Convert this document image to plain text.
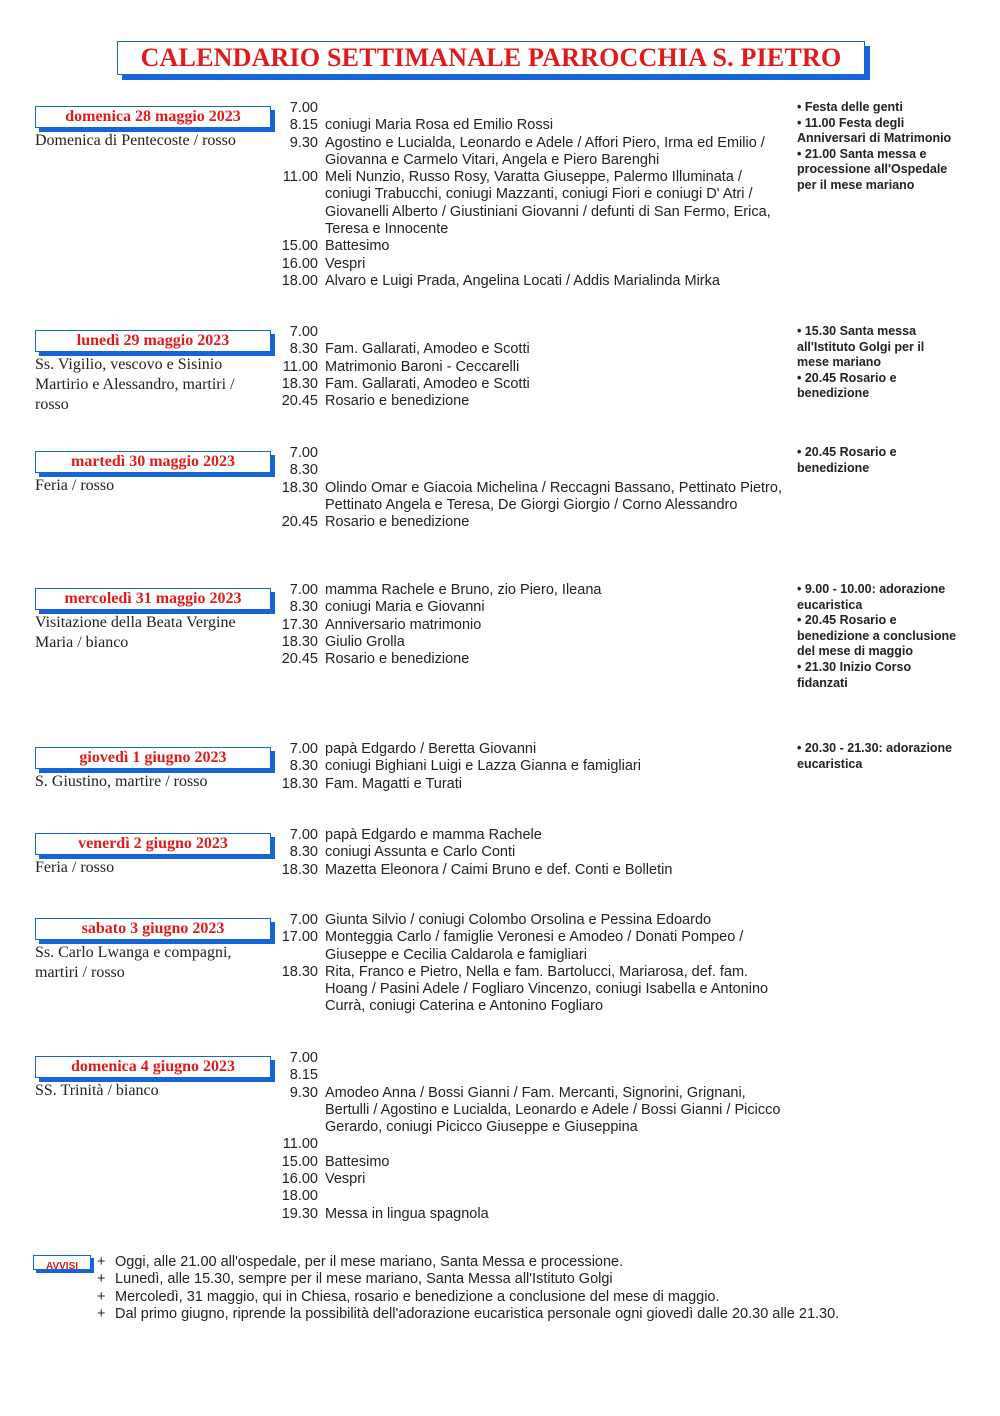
CALENDARIO SETTIMANALE PARROCCHIA S. PIETRO
domenica 28 maggio 2023
Domenica di Pentecoste / rosso
7.00
8.15 coniugi Maria Rosa ed Emilio Rossi
9.30 Agostino e Lucialda, Leonardo e Adele / Affori Piero, Irma ed Emilio / Giovanna e Carmelo Vitari, Angela e Piero Barenghi
11.00 Meli Nunzio, Russo Rosy, Varatta Giuseppe, Palermo Illuminata / coniugi Trabucchi, coniugi Mazzanti, coniugi Fiori e coniugi D' Atri / Giovanelli Alberto / Giustiniani Giovanni / defunti di San Fermo, Erica, Teresa e Innocente
15.00 Battesimo
16.00 Vespri
18.00 Alvaro e Luigi Prada, Angelina Locati / Addis Marialinda Mirka
• Festa delle genti
• 11.00 Festa degli Anniversari di Matrimonio
• 21.00 Santa messa e processione all'Ospedale per il mese mariano
lunedì 29 maggio 2023
Ss. Vigilio, vescovo e Sisinio Martirio e Alessandro, martiri / rosso
7.00
8.30 Fam. Gallarati, Amodeo e Scotti
11.00 Matrimonio Baroni - Ceccarelli
18.30 Fam. Gallarati, Amodeo e Scotti
20.45 Rosario e benedizione
• 15.30 Santa messa all'Istituto Golgi per il mese mariano
• 20.45 Rosario e benedizione
martedì 30 maggio 2023
Feria / rosso
7.00
8.30
18.30 Olindo Omar e Giacoia Michelina / Reccagni Bassano, Pettinato Pietro, Pettinato Angela e Teresa, De Giorgi Giorgio / Corno Alessandro
20.45 Rosario e benedizione
• 20.45 Rosario e benedizione
mercoledì 31 maggio 2023
Visitazione della Beata Vergine Maria / bianco
7.00 mamma Rachele e Bruno, zio Piero, Ileana
8.30 coniugi Maria e Giovanni
17.30 Anniversario matrimonio
18.30 Giulio Grolla
20.45 Rosario e benedizione
• 9.00 - 10.00: adorazione eucaristica
• 20.45 Rosario e benedizione a conclusione del mese di maggio
• 21.30 Inizio Corso fidanzati
giovedì 1 giugno 2023
S. Giustino, martire / rosso
7.00 papà Edgardo / Beretta Giovanni
8.30 coniugi Bighiani Luigi e Lazza Gianna e famigliari
18.30 Fam. Magatti e Turati
• 20.30 - 21.30: adorazione eucaristica
venerdì 2 giugno 2023
Feria / rosso
7.00 papà Edgardo e mamma Rachele
8.30 coniugi Assunta e Carlo Conti
18.30 Mazetta Eleonora / Caimi Bruno e def. Conti e Bolletin
sabato 3 giugno 2023
Ss. Carlo Lwanga e compagni, martiri / rosso
7.00 Giunta Silvio / coniugi Colombo Orsolina e Pessina Edoardo
17.00 Monteggia Carlo / famiglie Veronesi e Amodeo / Donati Pompeo / Giuseppe e Cecilia Caldarola e famigliari
18.30 Rita, Franco e Pietro, Nella e fam. Bartolucci, Mariarosa, def. fam. Hoang / Pasini Adele / Fogliaro Vincenzo, coniugi Isabella e Antonino Currà, coniugi Caterina e Antonino Fogliaro
domenica 4 giugno 2023
SS. Trinità / bianco
7.00
8.15
9.30 Amodeo Anna / Bossi Gianni / Fam. Mercanti, Signorini, Grignani, Bertulli / Agostino e Lucialda, Leonardo e Adele / Bossi Gianni / Picicco Gerardo, coniugi Picicco Giuseppe e Giuseppina
11.00
15.00 Battesimo
16.00 Vespri
18.00
19.30 Messa in lingua spagnola
AVVISI	+ Oggi, alle 21.00 all'ospedale, per il mese mariano, Santa Messa e processione.
+ Lunedì, alle 15.30, sempre per il mese mariano, Santa Messa all'Istituto Golgi
+ Mercoledì, 31 maggio, qui in Chiesa, rosario e benedizione a conclusione del mese di maggio.
+ Dal primo giugno, riprende la possibilità dell'adorazione eucaristica personale ogni giovedì dalle 20.30 alle 21.30.
